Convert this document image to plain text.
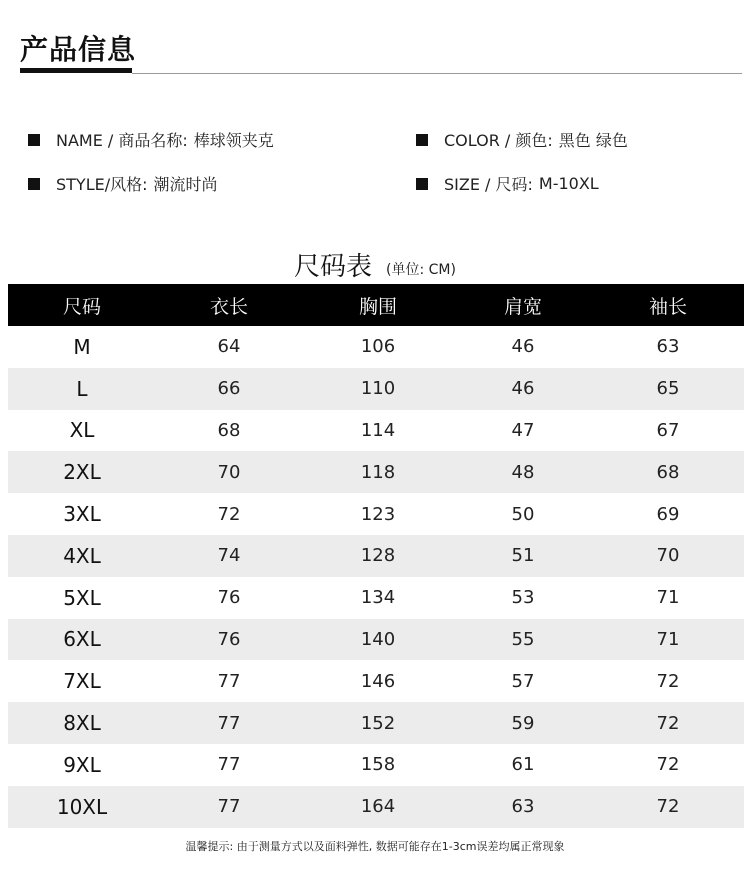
产品信息
NAME / 商品名称: 棒球领夹克	COLOR / 颜色: 黑色 绿色
STYLE/风格: 潮流时尚	SIZE / 尺码: M-10XL
尺码表 (单位: CM)
尺码	衣长	胸围	肩宽	袖长
M	64	106	46	63
L	66	110	46	65
XL	68	114	47	67
2XL	70	118	48	68
3XL	72	123	50	69
4XL	74	128	51	70
5XL	76	134	53	71
6XL	76	140	55	71
7XL	77	146	57	72
8XL	77	152	59	72
9XL	77	158	61	72
10XL	77	164	63	72
温馨提示: 由于测量方式以及面料弹性, 数据可能存在1-3cm误差均属正常现象
